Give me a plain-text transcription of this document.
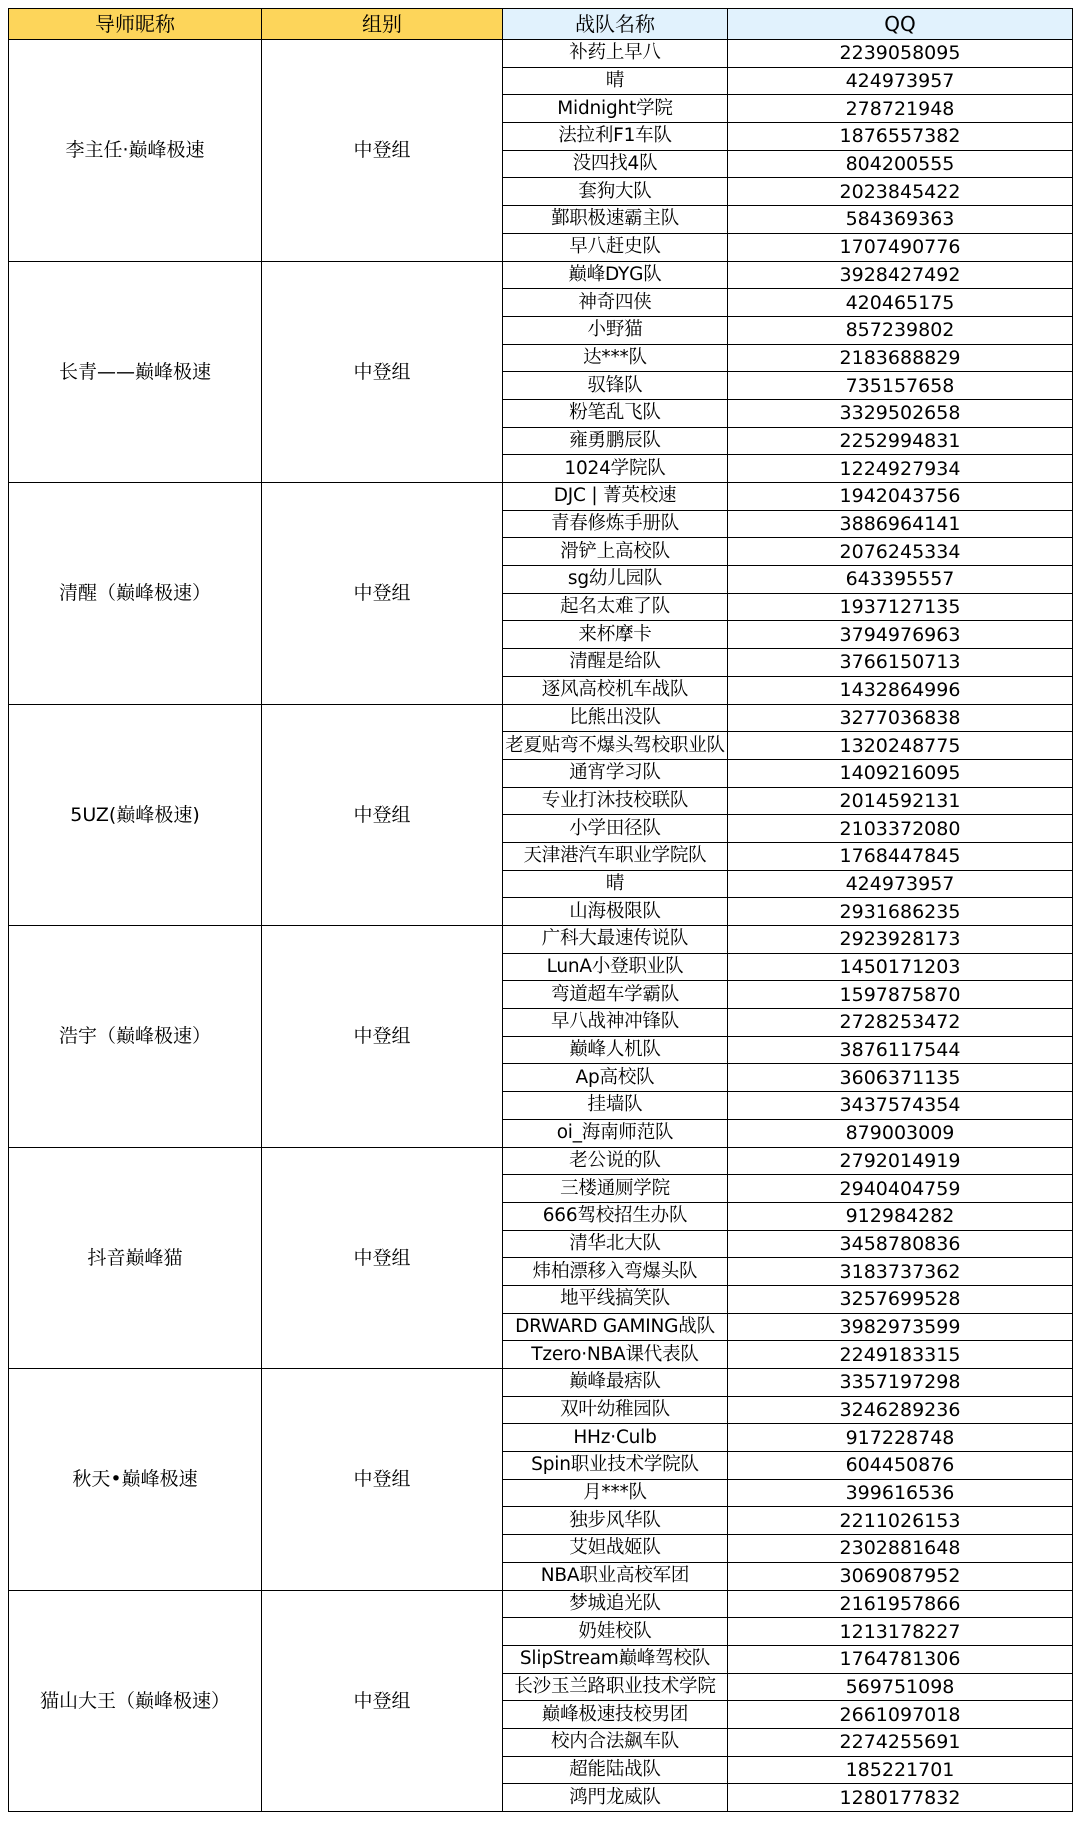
导师昵称	组别	战队名称	QQ
李主任·巅峰极速	中登组	补药上早八	2239058095
		晴	424973957
		Midnight学院	278721948
		法拉利F1车队	1876557382
		没四找4队	804200555
		套狗大队	2023845422
		鄞职极速霸主队	584369363
		早八赶史队	1707490776
长青——巅峰极速	中登组	巅峰DYG队	3928427492
		神奇四侠	420465175
		小野猫	857239802
		达***队	2183688829
		驭锋队	735157658
		粉笔乱飞队	3329502658
		雍勇鹏辰队	2252994831
		1024学院队	1224927934
清醒（巅峰极速）	中登组	DJC | 菁英校速	1942043756
		青春修炼手册队	3886964141
		滑铲上高校队	2076245334
		sg幼儿园队	643395557
		起名太难了队	1937127135
		来杯摩卡	3794976963
		清醒是给队	3766150713
		逐风高校机车战队	1432864996
5UZ(巅峰极速)	中登组	比熊出没队	3277036838
		老夏贴弯不爆头驾校职业队	1320248775
		通宵学习队	1409216095
		专业打沐技校联队	2014592131
		小学田径队	2103372080
		天津港汽车职业学院队	1768447845
		晴	424973957
		山海极限队	2931686235
浩宇（巅峰极速）	中登组	广科大最速传说队	2923928173
		LunA小登职业队	1450171203
		弯道超车学霸队	1597875870
		早八战神冲锋队	2728253472
		巅峰人机队	3876117544
		Ap高校队	3606371135
		挂墙队	3437574354
		oi_海南师范队	879003009
抖音巅峰猫	中登组	老公说的队	2792014919
		三楼通厕学院	2940404759
		666驾校招生办队	912984282
		清华北大队	3458780836
		炜柏漂移入弯爆头队	3183737362
		地平线搞笑队	3257699528
		DRWARD GAMING战队	3982973599
		Tzero·NBA课代表队	2249183315
秋天•巅峰极速	中登组	巅峰最痞队	3357197298
		双叶幼稚园队	3246289236
		HHz·Culb	917228748
		Spin职业技术学院队	604450876
		月***队	399616536
		独步风华队	2211026153
		艾妲战姬队	2302881648
		NBA职业高校军团	3069087952
猫山大王（巅峰极速）	中登组	梦城追光队	2161957866
		奶娃校队	1213178227
		SlipStream巅峰驾校队	1764781306
		长沙玉兰路职业技术学院	569751098
		巅峰极速技校男团	2661097018
		校内合法飙车队	2274255691
		超能陆战队	185221701
		鸿門龙威队	1280177832
